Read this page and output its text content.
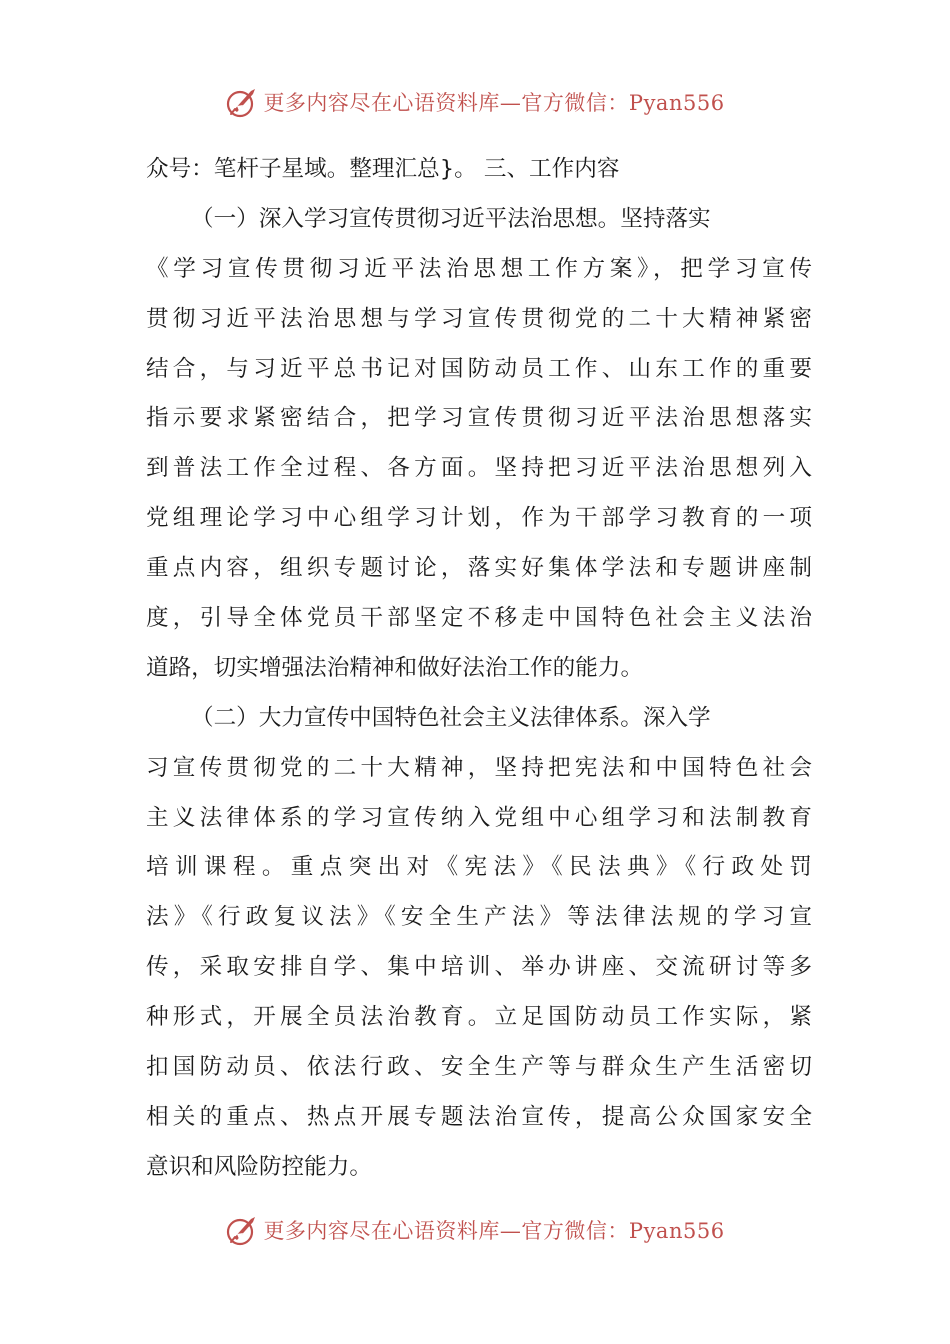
更多内容尽在心语资料库—官方微信：Pyan556
众号：笔杆子星域。整理汇总}。 三、工作内容
（一）深入学习宣传贯彻习近平法治思想。坚持落实
《学习宣传贯彻习近平法治思想工作方案》，把学习宣传
贯彻习近平法治思想与学习宣传贯彻党的二十大精神紧密
结合，与习近平总书记对国防动员工作、山东工作的重要
指示要求紧密结合，把学习宣传贯彻习近平法治思想落实
到普法工作全过程、各方面。坚持把习近平法治思想列入
党组理论学习中心组学习计划，作为干部学习教育的一项
重点内容，组织专题讨论，落实好集体学法和专题讲座制
度，引导全体党员干部坚定不移走中国特色社会主义法治
道路，切实增强法治精神和做好法治工作的能力。
（二）大力宣传中国特色社会主义法律体系。深入学
习宣传贯彻党的二十大精神，坚持把宪法和中国特色社会
主义法律体系的学习宣传纳入党组中心组学习和法制教育
培训课程。重点突出对《宪法》《民法典》《行政处罚
法》《行政复议法》《安全生产法》等法律法规的学习宣
传，采取安排自学、集中培训、举办讲座、交流研讨等多
种形式，开展全员法治教育。立足国防动员工作实际，紧
扣国防动员、依法行政、安全生产等与群众生产生活密切
相关的重点、热点开展专题法治宣传，提高公众国家安全
意识和风险防控能力。
更多内容尽在心语资料库—官方微信：Pyan556
